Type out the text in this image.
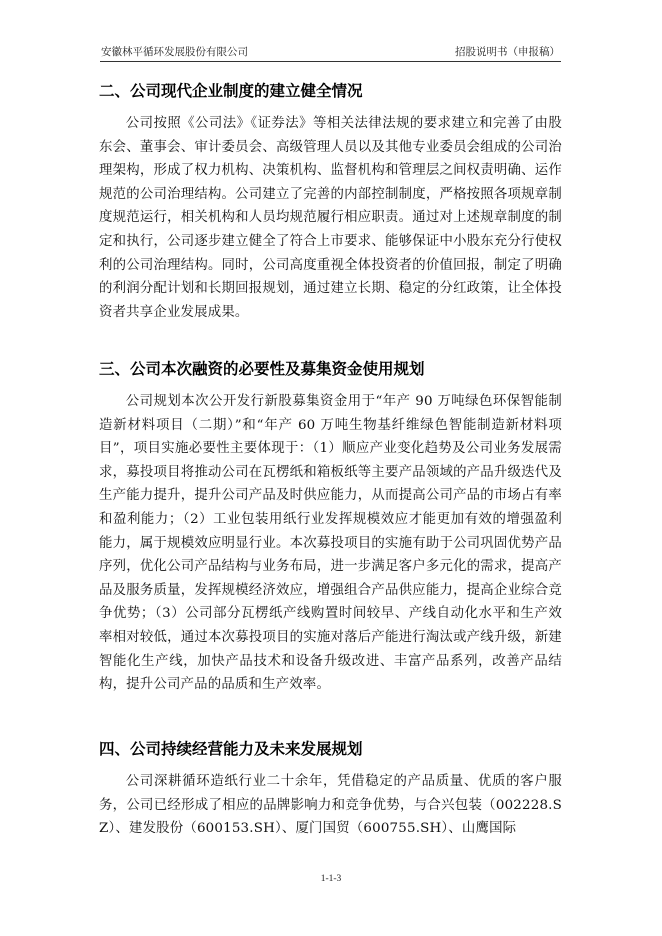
安徽林平循环发展股份有限公司	招股说明书（申报稿）
二、公司现代企业制度的建立健全情况

公司按照《公司法》《证券法》等相关法律法规的要求建立和完善了由股东会、董事会、审计委员会、高级管理人员以及其他专业委员会组成的公司治理架构，形成了权力机构、决策机构、监督机构和管理层之间权责明确、运作规范的公司治理结构。公司建立了完善的内部控制制度，严格按照各项规章制度规范运行，相关机构和人员均规范履行相应职责。通过对上述规章制度的制定和执行，公司逐步建立健全了符合上市要求、能够保证中小股东充分行使权利的公司治理结构。同时，公司高度重视全体投资者的价值回报，制定了明确的利润分配计划和长期回报规划，通过建立长期、稳定的分红政策，让全体投资者共享企业发展成果。

三、公司本次融资的必要性及募集资金使用规划

公司规划本次公开发行新股募集资金用于“年产 90 万吨绿色环保智能制造新材料项目（二期）”和“年产 60 万吨生物基纤维绿色智能制造新材料项目”，项目实施必要性主要体现于：（1）顺应产业变化趋势及公司业务发展需求，募投项目将推动公司在瓦楞纸和箱板纸等主要产品领域的产品升级迭代及生产能力提升，提升公司产品及时供应能力，从而提高公司产品的市场占有率和盈利能力；（2）工业包装用纸行业发挥规模效应才能更加有效的增强盈利能力，属于规模效应明显行业。本次募投项目的实施有助于公司巩固优势产品序列，优化公司产品结构与业务布局，进一步满足客户多元化的需求，提高产品及服务质量，发挥规模经济效应，增强组合产品供应能力，提高企业综合竞争优势；（3）公司部分瓦楞纸产线购置时间较早、产线自动化水平和生产效率相对较低，通过本次募投项目的实施对落后产能进行淘汰或产线升级，新建智能化生产线，加快产品技术和设备升级改进、丰富产品系列，改善产品结构，提升公司产品的品质和生产效率。

四、公司持续经营能力及未来发展规划

公司深耕循环造纸行业二十余年，凭借稳定的产品质量、优质的客户服务，公司已经形成了相应的品牌影响力和竞争优势，与合兴包装（002228.SZ）、建发股份（600153.SH）、厦门国贸（600755.SH）、山鹰国际

1-1-3
